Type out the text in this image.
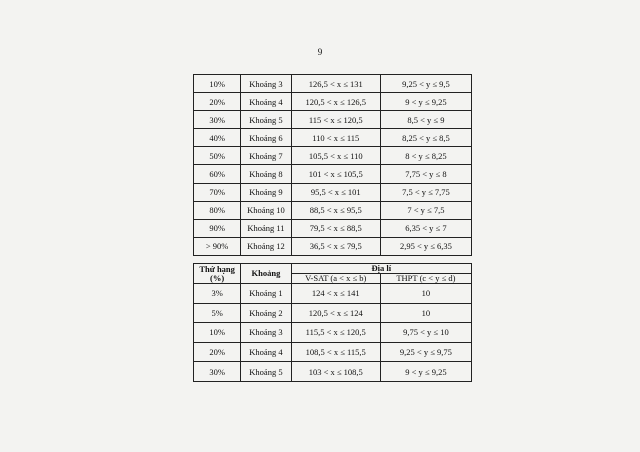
9
10%	Khoảng 3	126,5 < x ≤ 131	9,25 < y ≤ 9,5
20%	Khoảng 4	120,5 < x ≤ 126,5	9 < y ≤ 9,25
30%	Khoảng 5	115 < x ≤ 120,5	8,5 < y ≤ 9
40%	Khoảng 6	110 < x ≤ 115	8,25 < y ≤ 8,5
50%	Khoảng 7	105,5 < x ≤ 110	8 < y ≤ 8,25
60%	Khoảng 8	101 < x ≤ 105,5	7,75 < y ≤ 8
70%	Khoảng 9	95,5 < x ≤ 101	7,5 < y ≤ 7,75
80%	Khoảng 10	88,5 < x ≤ 95,5	7 < y ≤ 7,5
90%	Khoảng 11	79,5 < x ≤ 88,5	6,35 < y ≤ 7
> 90%	Khoảng 12	36,5 < x ≤ 79,5	2,95 < y ≤ 6,35
Thứ hạng (%)	Khoảng	Địa lí	
		V-SAT (a < x ≤ b)	THPT (c < y ≤ d)
3%	Khoảng 1	124 < x ≤ 141	10
5%	Khoảng 2	120,5 < x ≤ 124	10
10%	Khoảng 3	115,5 < x ≤ 120,5	9,75 < y ≤ 10
20%	Khoảng 4	108,5 < x ≤ 115,5	9,25 < y ≤ 9,75
30%	Khoảng 5	103 < x ≤ 108,5	9 < y ≤ 9,25
